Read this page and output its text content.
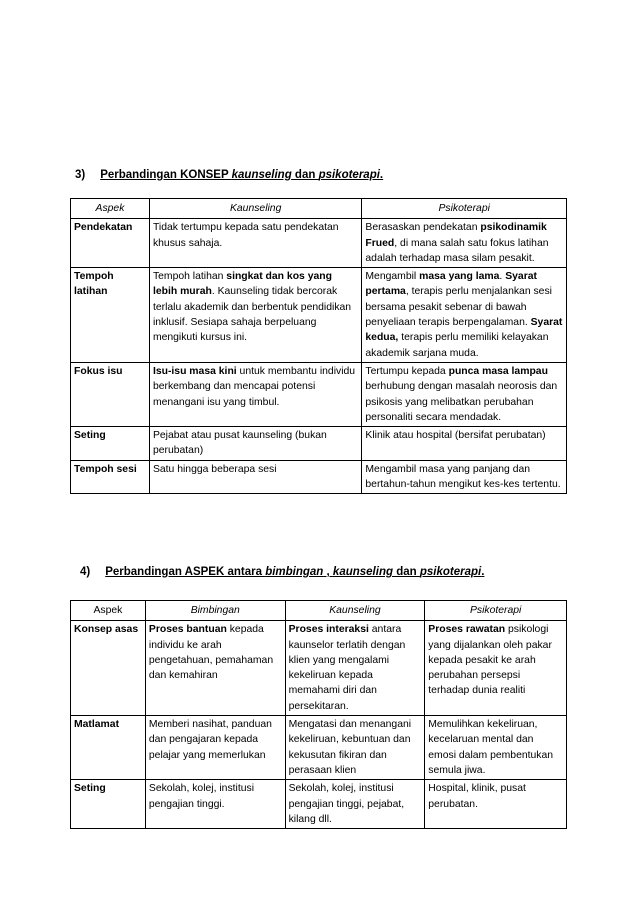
3) Perbandingan KONSEP kaunseling dan psikoterapi.
Aspek	Kaunseling	Psikoterapi
Pendekatan	Tidak tertumpu kepada satu pendekatan khusus sahaja.	Berasaskan pendekatan psikodinamik Frued, di mana salah satu fokus latihan adalah terhadap masa silam pesakit.
Tempoh latihan	Tempoh latihan singkat dan kos yang lebih murah. Kaunseling tidak bercorak terlalu akademik dan berbentuk pendidikan inklusif. Sesiapa sahaja berpeluang mengikuti kursus ini.	Mengambil masa yang lama. Syarat pertama, terapis perlu menjalankan sesi bersama pesakit sebenar di bawah penyeliaan terapis berpengalaman. Syarat kedua, terapis perlu memiliki kelayakan akademik sarjana muda.
Fokus isu	Isu-isu masa kini untuk membantu individu berkembang dan mencapai potensi menangani isu yang timbul.	Tertumpu kepada punca masa lampau berhubung dengan masalah neorosis dan psikosis yang melibatkan perubahan personaliti secara mendadak.
Seting	Pejabat atau pusat kaunseling (bukan perubatan)	Klinik atau hospital (bersifat perubatan)
Tempoh sesi	Satu hingga beberapa sesi	Mengambil masa yang panjang dan bertahun-tahun mengikut kes-kes tertentu.
4) Perbandingan ASPEK antara bimbingan , kaunseling dan psikoterapi.
Aspek	Bimbingan	Kaunseling	Psikoterapi
Konsep asas	Proses bantuan kepada individu ke arah pengetahuan, pemahaman dan kemahiran	Proses interaksi antara kaunselor terlatih dengan klien yang mengalami kekeliruan kepada memahami diri dan persekitaran.	Proses rawatan psikologi yang dijalankan oleh pakar kepada pesakit ke arah perubahan persepsi terhadap dunia realiti
Matlamat	Memberi nasihat, panduan dan pengajaran kepada pelajar yang memerlukan	Mengatasi dan menangani kekeliruan, kebuntuan dan kekusutan fikiran dan perasaan klien	Memulihkan kekeliruan, kecelaruan mental dan emosi dalam pembentukan semula jiwa.
Seting	Sekolah, kolej, institusi pengajian tinggi.	Sekolah, kolej, institusi pengajian tinggi, pejabat, kilang dll.	Hospital, klinik, pusat perubatan.
